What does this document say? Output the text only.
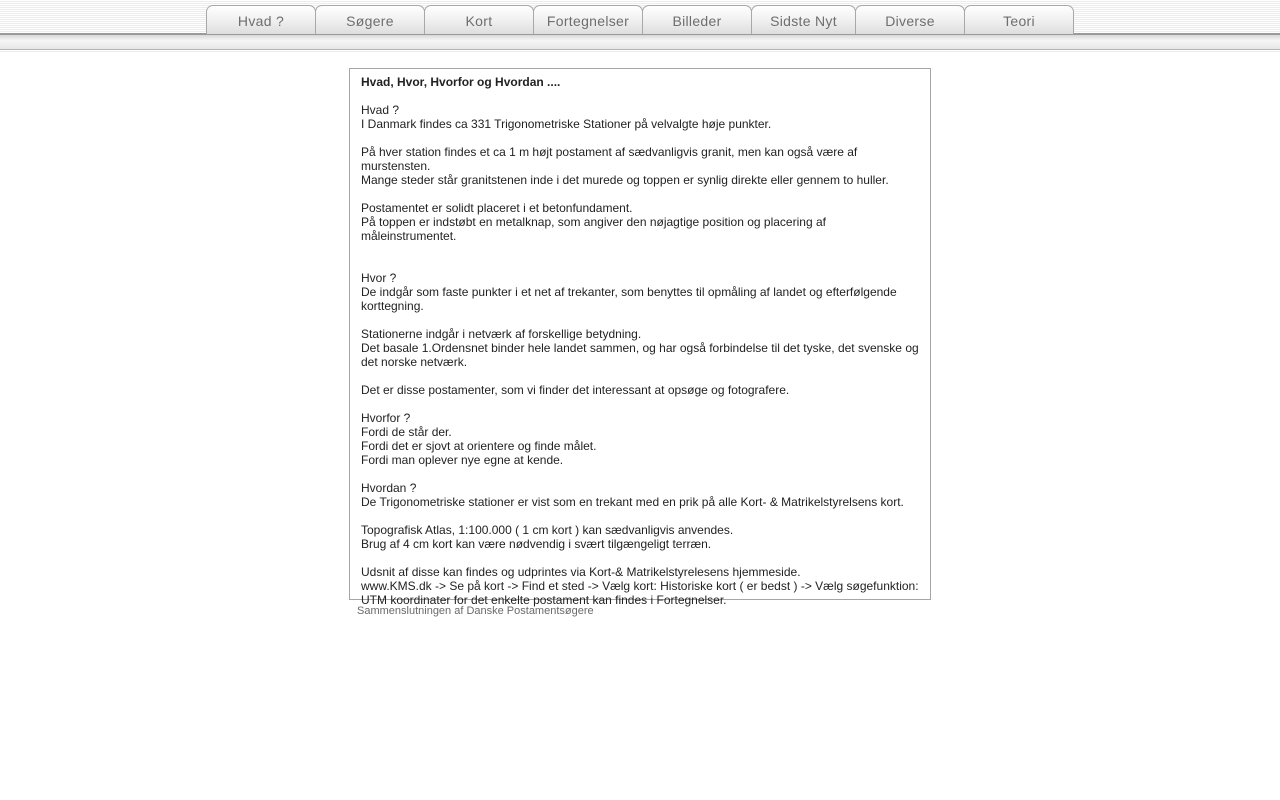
Hvad ?	Søgere	Kort	Fortegnelser	Billeder	Sidste Nyt	Diverse	Teori

Hvad, Hvor, Hvorfor og Hvordan ....

Hvad ?

I Danmark findes ca 331 Trigonometriske Stationer på velvalgte høje punkter.

På hver station findes et ca 1 m højt postament af sædvanligvis granit, men kan også være af murstensten.

Mange steder står granitstenen inde i det murede og toppen er synlig direkte eller gennem to huller.

Postamentet er solidt placeret i et betonfundament.

På toppen er indstøbt en metalknap, som angiver den nøjagtige position og placering af måleinstrumentet.

Hvor ?

De indgår som faste punkter i et net af trekanter, som benyttes til opmåling af landet og efterfølgende korttegning.

Stationerne indgår i netværk af forskellige betydning.

Det basale 1.Ordensnet binder hele landet sammen, og har også forbindelse til det tyske, det svenske og det norske netværk.

Det er disse postamenter, som vi finder det interessant at opsøge og fotografere.

Hvorfor ?

Fordi de står der.

Fordi det er sjovt at orientere og finde målet.

Fordi man oplever nye egne at kende.

Hvordan ?

De Trigonometriske stationer er vist som en trekant med en prik på alle Kort- & Matrikelstyrelsens kort.

Topografisk Atlas, 1:100.000 ( 1 cm kort ) kan sædvanligvis anvendes.

Brug af 4 cm kort kan være nødvendig i svært tilgængeligt terræn.

Udsnit af disse kan findes og udprintes via Kort-& Matrikelstyrelesens hjemmeside.

www.KMS.dk -> Se på kort -> Find et sted -> Vælg kort: Historiske kort ( er bedst ) -> Vælg søgefunktion:

UTM koordinater for det enkelte postament kan findes i Fortegnelser.

Sammenslutningen af Danske Postamentsøgere
